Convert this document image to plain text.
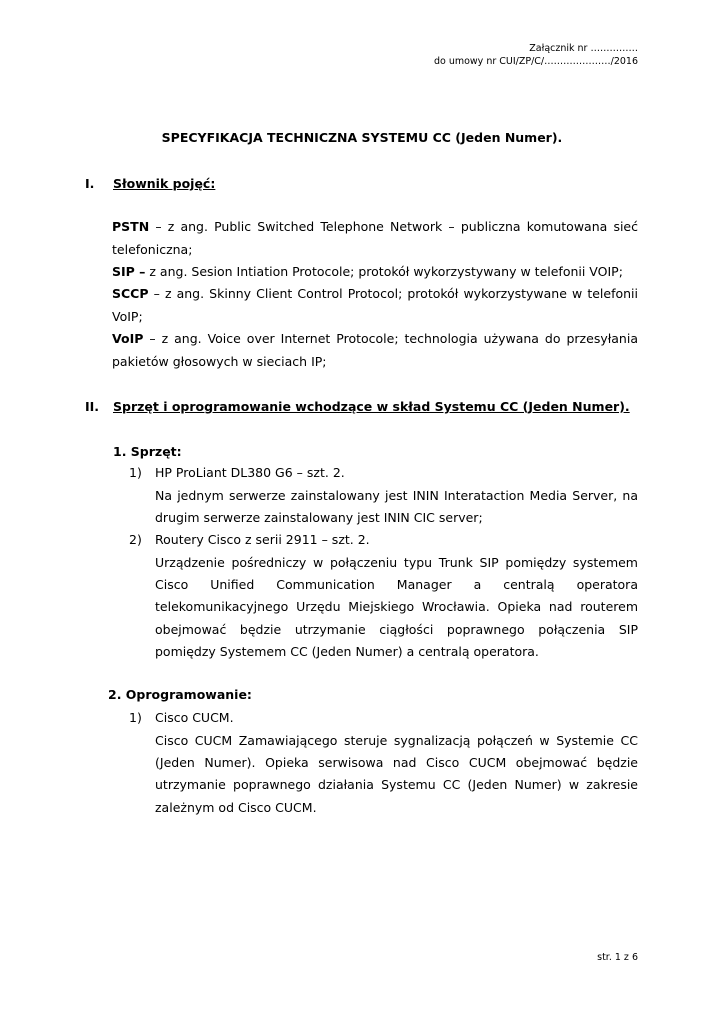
Załącznik nr ……………
do umowy nr CUI/ZP/C/…………………/2016
SPECYFIKACJA TECHNICZNA SYSTEMU CC (Jeden Numer).
I. Słownik pojęć:
PSTN – z ang. Public Switched Telephone Network – publiczna komutowana sieć telefoniczna;
SIP – z ang. Sesion Intiation Protocole; protokół wykorzystywany w telefonii VOIP;
SCCP – z ang. Skinny Client Control Protocol; protokół wykorzystywane w telefonii VoIP;
VoIP – z ang. Voice over Internet Protocole; technologia używana do przesyłania pakietów głosowych w sieciach IP;
II. Sprzęt i oprogramowanie wchodzące w skład Systemu CC (Jeden Numer).
1. Sprzęt:
1) HP ProLiant DL380 G6 – szt. 2.
Na jednym serwerze zainstalowany jest ININ Interataction Media Server, na drugim serwerze zainstalowany jest ININ CIC server;
2) Routery Cisco z serii 2911 – szt. 2.
Urządzenie pośredniczy w połączeniu typu Trunk SIP pomiędzy systemem Cisco Unified Communication Manager a centralą operatora telekomunikacyjnego Urzędu Miejskiego Wrocławia. Opieka nad routerem obejmować będzie utrzymanie ciągłości poprawnego połączenia SIP pomiędzy Systemem CC (Jeden Numer) a centralą operatora.
2. Oprogramowanie:
1) Cisco CUCM.
Cisco CUCM Zamawiającego steruje sygnalizacją połączeń w Systemie CC (Jeden Numer). Opieka serwisowa nad Cisco CUCM obejmować będzie utrzymanie poprawnego działania Systemu CC (Jeden Numer) w zakresie zależnym od Cisco CUCM.
str. 1 z 6
